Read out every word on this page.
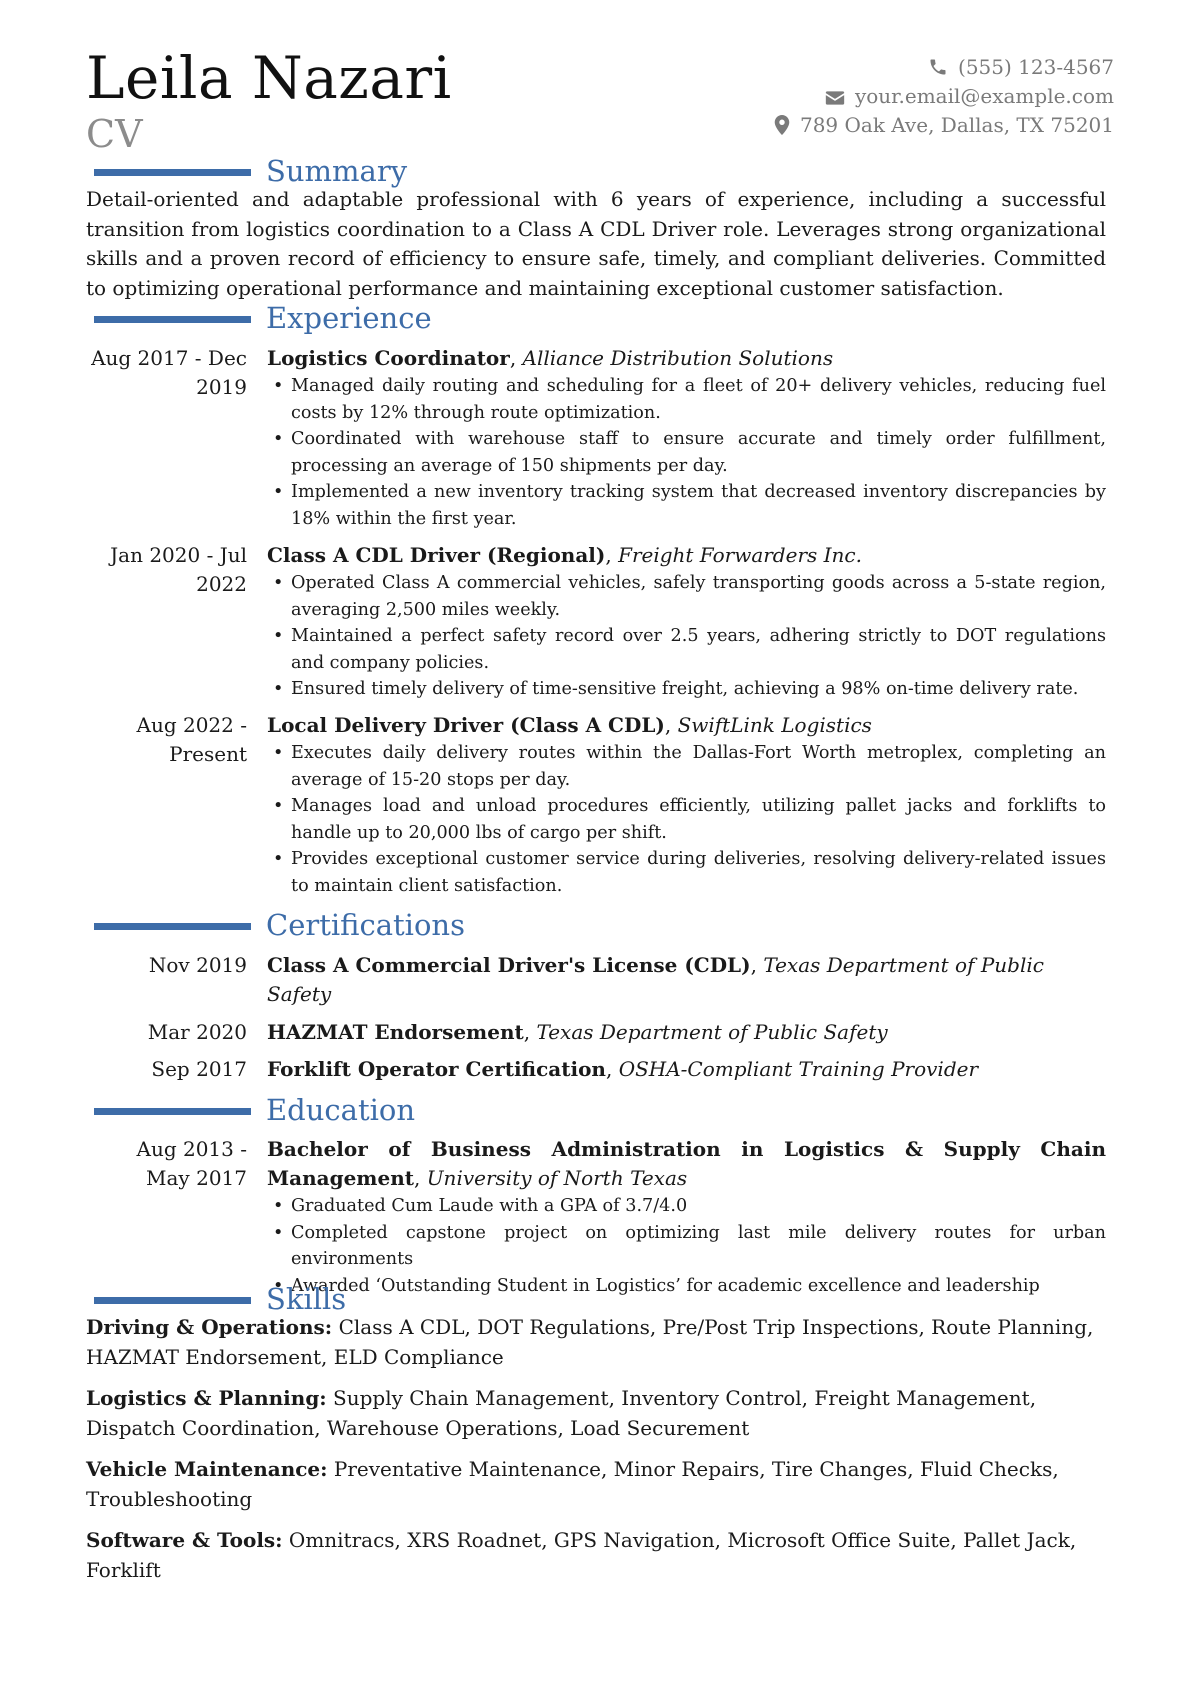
Leila Nazari
CV
(555) 123-4567
your.email@example.com
789 Oak Ave, Dallas, TX 75201
Summary
Detail-oriented and adaptable professional with 6 years of experience, including a successful transition from logistics coordination to a Class A CDL Driver role. Leverages strong organizational skills and a proven record of efficiency to ensure safe, timely, and compliant deliveries. Committed to optimizing operational performance and maintaining exceptional customer satisfaction.
Experience
Aug 2017 - Dec
2019
Logistics Coordinator, Alliance Distribution Solutions
• Managed daily routing and scheduling for a fleet of 20+ delivery vehicles, reducing fuel costs by 12% through route optimization.
• Coordinated with warehouse staff to ensure accurate and timely order fulfillment, processing an average of 150 shipments per day.
• Implemented a new inventory tracking system that decreased inventory discrepancies by 18% within the first year.
Jan 2020 - Jul
2022
Class A CDL Driver (Regional), Freight Forwarders Inc.
• Operated Class A commercial vehicles, safely transporting goods across a 5-state region, averaging 2,500 miles weekly.
• Maintained a perfect safety record over 2.5 years, adhering strictly to DOT regulations and company policies.
• Ensured timely delivery of time-sensitive freight, achieving a 98% on-time delivery rate.
Aug 2022 -
Present
Local Delivery Driver (Class A CDL), SwiftLink Logistics
• Executes daily delivery routes within the Dallas-Fort Worth metroplex, completing an average of 15-20 stops per day.
• Manages load and unload procedures efficiently, utilizing pallet jacks and forklifts to handle up to 20,000 lbs of cargo per shift.
• Provides exceptional customer service during deliveries, resolving delivery-related issues to maintain client satisfaction.
Certifications
Nov 2019 Class A Commercial Driver's License (CDL), Texas Department of Public Safety
Mar 2020 HAZMAT Endorsement, Texas Department of Public Safety
Sep 2017 Forklift Operator Certification, OSHA-Compliant Training Provider
Education
Aug 2013 -
May 2017
Bachelor of Business Administration in Logistics & Supply Chain Management, University of North Texas
• Graduated Cum Laude with a GPA of 3.7/4.0
• Completed capstone project on optimizing last mile delivery routes for urban environments
• Awarded ‘Outstanding Student in Logistics’ for academic excellence and leadership
Skills
Driving & Operations: Class A CDL, DOT Regulations, Pre/Post Trip Inspections, Route Planning, HAZMAT Endorsement, ELD Compliance
Logistics & Planning: Supply Chain Management, Inventory Control, Freight Management, Dispatch Coordination, Warehouse Operations, Load Securement
Vehicle Maintenance: Preventative Maintenance, Minor Repairs, Tire Changes, Fluid Checks, Troubleshooting
Software & Tools: Omnitracs, XRS Roadnet, GPS Navigation, Microsoft Office Suite, Pallet Jack, Forklift
